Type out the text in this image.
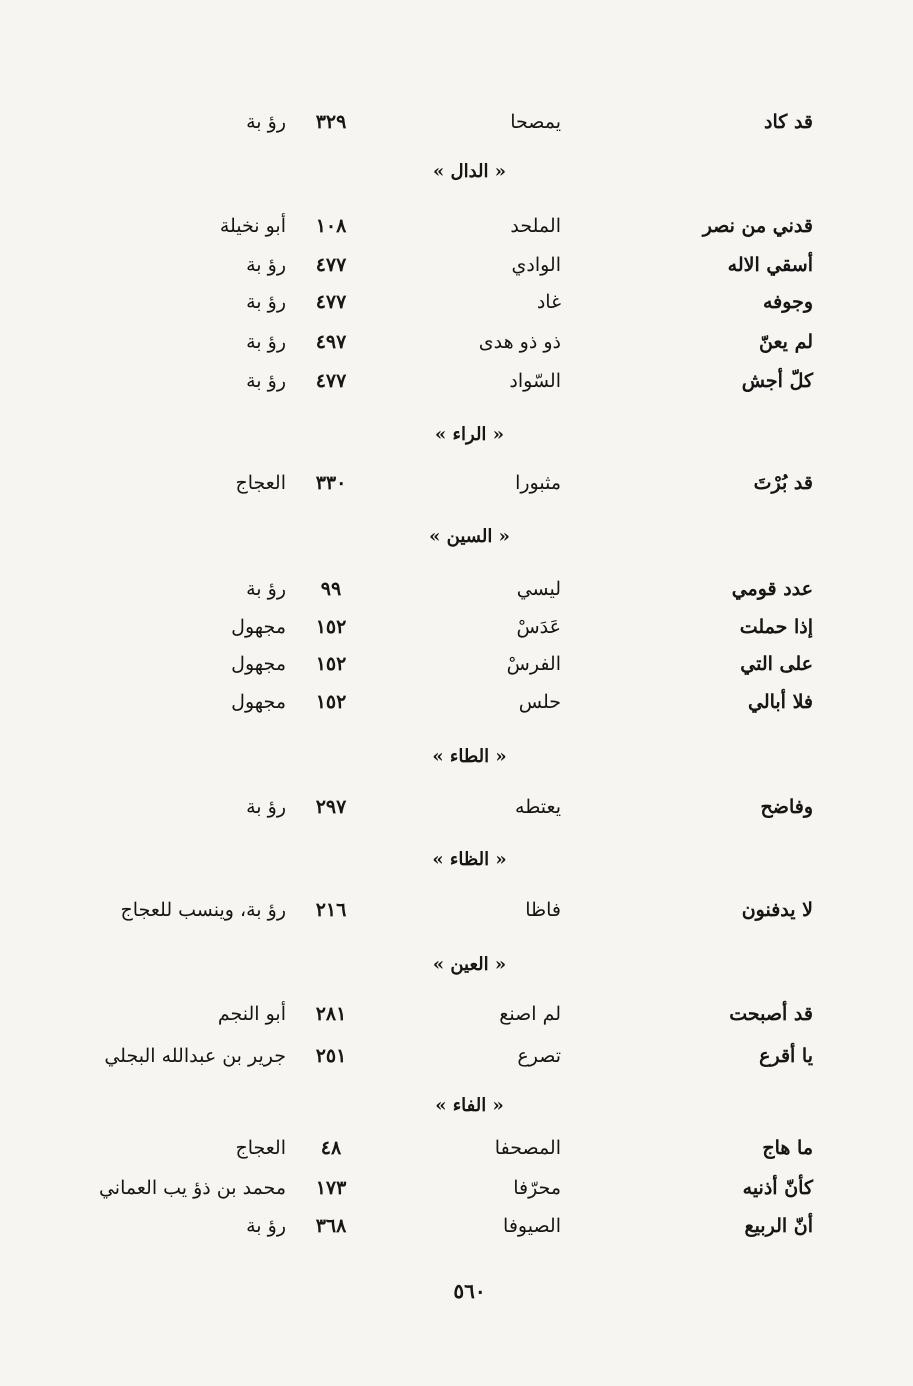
قد كاد
يمصحا
٣٢٩
رؤ بة
« الدال »
قدني من نصر
الملحد
١٠٨
أبو نخيلة
أسقي الاله
الوادي
٤٧٧
رؤ بة
وجوفه
غاد
٤٧٧
رؤ بة
لم يعنّ
ذو ذو هدى
٤٩٧
رؤ بة
كلّ أجش
السّواد
٤٧٧
رؤ بة
« الراء »
قد بُرْتَ
مثبورا
٣٣٠
العجاج
« السين »
عدد قومي
ليسي
٩٩
رؤ بة
إذا حملت
عَدَسْ
١٥٢
مجهول
على التي
الفرسْ
١٥٢
مجهول
فلا أبالي
حلس
١٥٢
مجهول
« الطاء »
وفاضح
يعتطه
٢٩٧
رؤ بة
« الظاء »
لا يدفنون
فاظا
٢١٦
رؤ بة، وينسب للعجاج
« العين »
قد أصبحت
لم اصنع
٢٨١
أبو النجم
يا أقرع
تصرع
٢٥١
جرير بن عبدالله البجلي
« الفاء »
ما هاج
المصحفا
٤٨
العجاج
كأنّ أذنيه
محرّفا
١٧٣
محمد بن ذؤ يب العماني
أنّ الربيع
الصيوفا
٣٦٨
رؤ بة
٥٦٠
